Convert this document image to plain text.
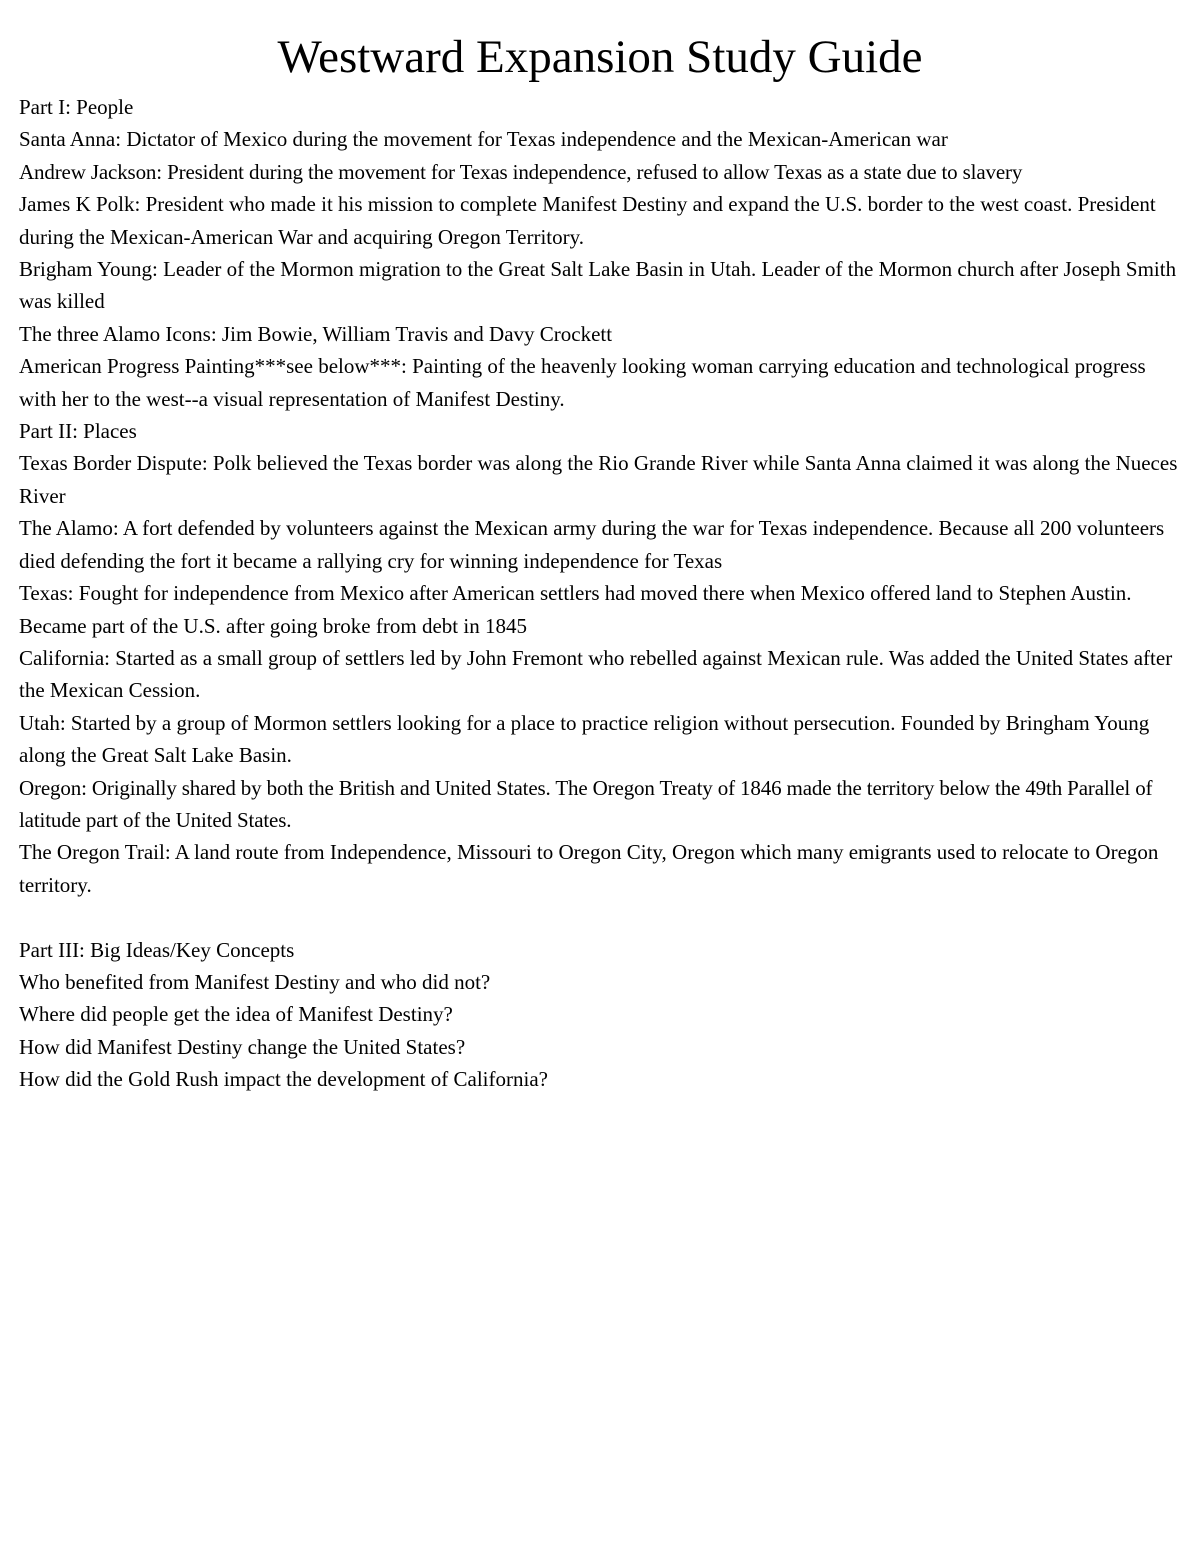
Westward Expansion Study Guide

Part I: People

Santa Anna: Dictator of Mexico during the movement for Texas independence and the Mexican-American war

Andrew Jackson: President during the movement for Texas independence, refused to allow Texas as a state due to slavery

James K Polk: President who made it his mission to complete Manifest Destiny and expand the U.S. border to the west coast. President during the Mexican-American War and acquiring Oregon Territory.

Brigham Young: Leader of the Mormon migration to the Great Salt Lake Basin in Utah. Leader of the Mormon church after Joseph Smith was killed

The three Alamo Icons: Jim Bowie, William Travis and Davy Crockett

American Progress Painting***see below***: Painting of the heavenly looking woman carrying education and technological progress with her to the west--a visual representation of Manifest Destiny.

Part II: Places

Texas Border Dispute: Polk believed the Texas border was along the Rio Grande River while Santa Anna claimed it was along the Nueces River

The Alamo: A fort defended by volunteers against the Mexican army during the war for Texas independence. Because all 200 volunteers died defending the fort it became a rallying cry for winning independence for Texas

Texas: Fought for independence from Mexico after American settlers had moved there when Mexico offered land to Stephen Austin. Became part of the U.S. after going broke from debt in 1845

California: Started as a small group of settlers led by John Fremont who rebelled against Mexican rule. Was added the United States after the Mexican Cession.

Utah: Started by a group of Mormon settlers looking for a place to practice religion without persecution. Founded by Bringham Young along the Great Salt Lake Basin.

Oregon: Originally shared by both the British and United States. The Oregon Treaty of 1846 made the territory below the 49th Parallel of latitude part of the United States.

The Oregon Trail: A land route from Independence, Missouri to Oregon City, Oregon which many emigrants used to relocate to Oregon territory.

Part III: Big Ideas/Key Concepts

Who benefited from Manifest Destiny and who did not?

Where did people get the idea of Manifest Destiny?

How did Manifest Destiny change the United States?

How did the Gold Rush impact the development of California?
